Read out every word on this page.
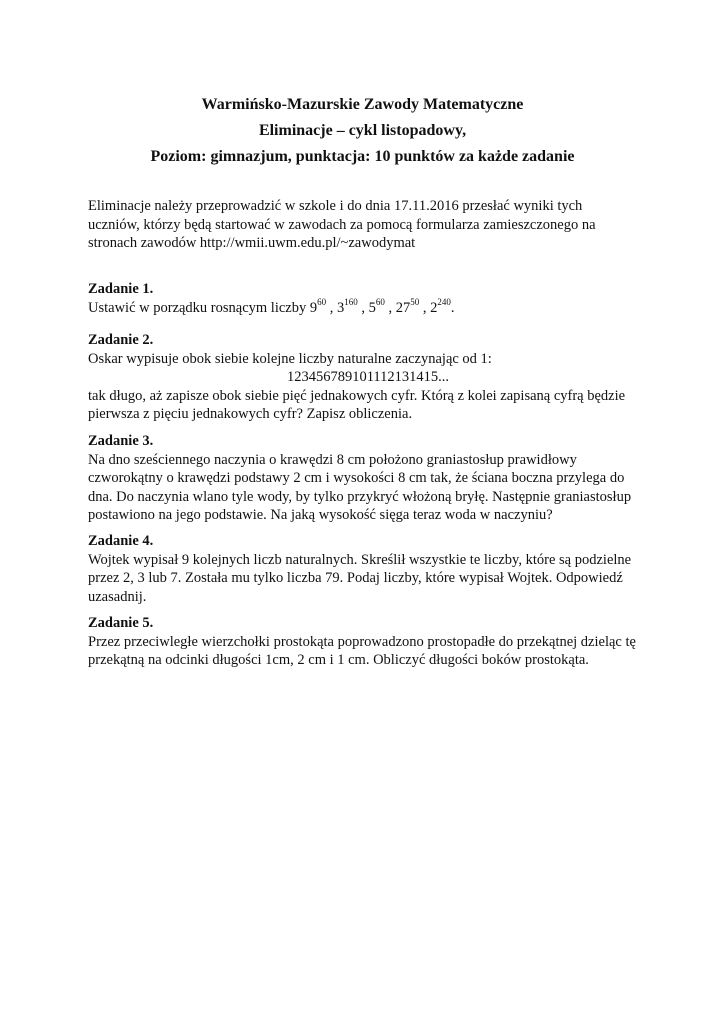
Warmińsko-Mazurskie Zawody Matematyczne
Eliminacje – cykl listopadowy,
Poziom: gimnazjum, punktacja: 10 punktów za każde zadanie
Eliminacje należy przeprowadzić w szkole i do dnia 17.11.2016 przesłać wyniki tych
uczniów, którzy będą startować w zawodach za pomocą formularza zamieszczonego na
stronach zawodów http://wmii.uwm.edu.pl/~zawodymat
Zadanie 1.
Ustawić w porządku rosnącym liczby $9^{60}$ , $3^{160}$ , $5^{60}$ , $27^{50}$ , $2^{240}$.
Zadanie 2.
Oskar wypisuje obok siebie kolejne liczby naturalne zaczynając od 1:
123456789101112131415...
tak długo, aż zapisze obok siebie pięć jednakowych cyfr. Którą z kolei zapisaną cyfrą będzie
pierwsza z pięciu jednakowych cyfr? Zapisz obliczenia.
Zadanie 3.
Na dno sześciennego naczynia o krawędzi 8 cm położono graniastosłup prawidłowy
czworokątny o krawędzi podstawy 2 cm i wysokości 8 cm tak, że ściana boczna przylega do
dna. Do naczynia wlano tyle wody, by tylko przykryć włożoną bryłę. Następnie graniastosłup
postawiono na jego podstawie. Na jaką wysokość sięga teraz woda w naczyniu?
Zadanie 4.
Wojtek wypisał 9 kolejnych liczb naturalnych. Skreślił wszystkie te liczby, które są podzielne
przez 2, 3 lub 7. Została mu tylko liczba 79. Podaj liczby, które wypisał Wojtek. Odpowiedź
uzasadnij.
Zadanie 5.
Przez przeciwległe wierzchołki prostokąta poprowadzono prostopadłe do przekątnej dzieląc tę
przekątną na odcinki długości 1cm, 2 cm i 1 cm. Obliczyć długości boków prostokąta.
